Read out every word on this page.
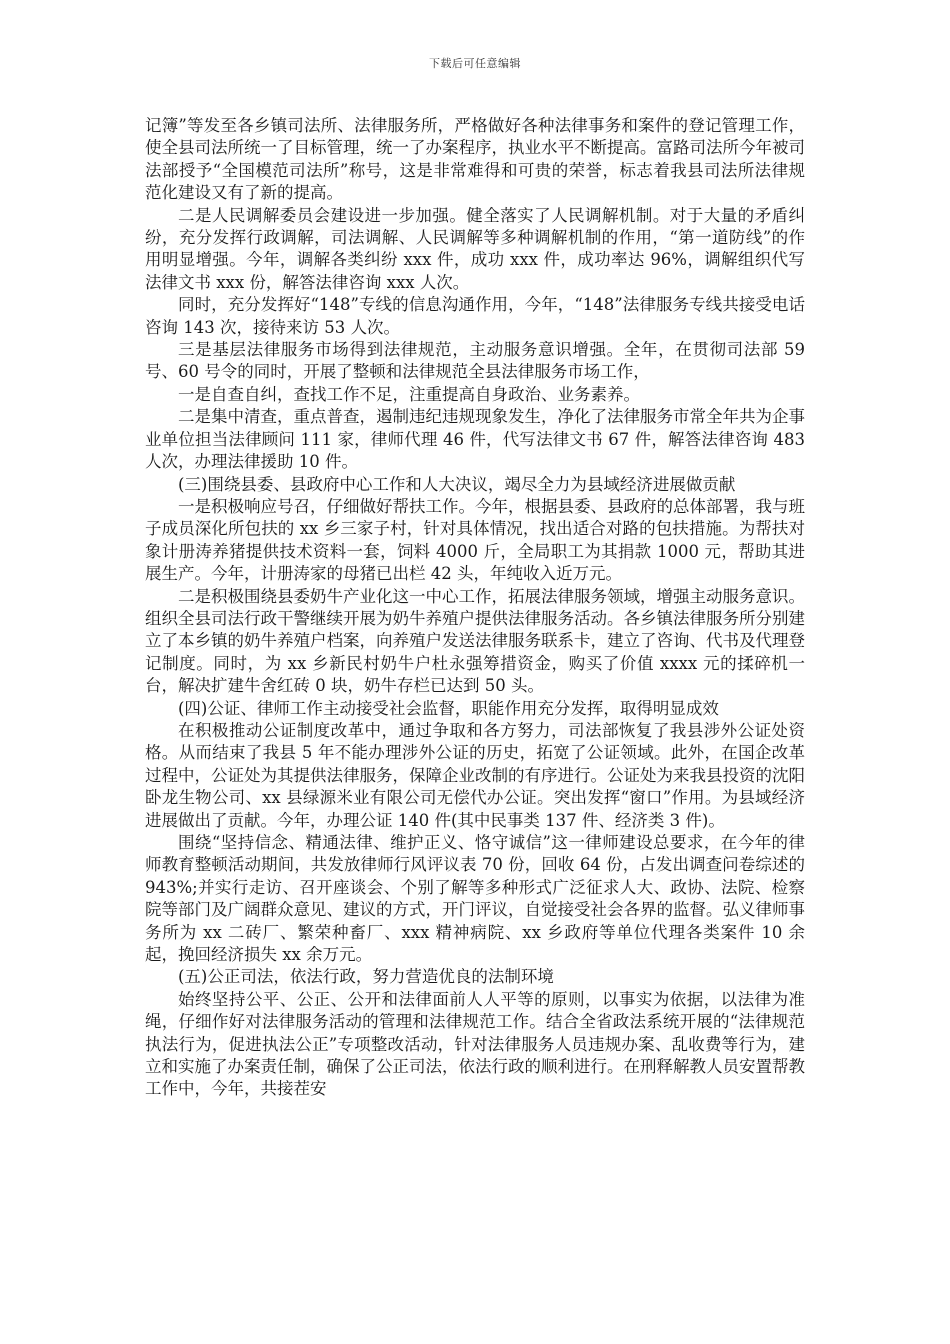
下载后可任意编辑

记簿”等发至各乡镇司法所、法律服务所，严格做好各种法律事务和案件的登记管理工作，使全县司法所统一了目标管理，统一了办案程序，执业水平不断提高。富路司法所今年被司法部授予“全国模范司法所”称号，这是非常难得和可贵的荣誉，标志着我县司法所法律规范化建设又有了新的提高。

二是人民调解委员会建设进一步加强。健全落实了人民调解机制。对于大量的矛盾纠纷，充分发挥行政调解，司法调解、人民调解等多种调解机制的作用，“第一道防线”的作用明显增强。今年，调解各类纠纷 xxx 件，成功 xxx 件，成功率达 96%，调解组织代写法律文书 xxx 份，解答法律咨询 xxx 人次。

同时，充分发挥好“148”专线的信息沟通作用，今年，“148”法律服务专线共接受电话咨询 143 次，接待来访 53 人次。

三是基层法律服务市场得到法律规范，主动服务意识增强。全年，在贯彻司法部 59 号、60 号令的同时，开展了整顿和法律规范全县法律服务市场工作，

一是自查自纠，查找工作不足，注重提高自身政治、业务素养。

二是集中清查，重点普查，遏制违纪违规现象发生，净化了法律服务市常全年共为企事业单位担当法律顾问 111 家，律师代理 46 件，代写法律文书 67 件，解答法律咨询 483 人次，办理法律援助 10 件。

(三)围绕县委、县政府中心工作和人大决议，竭尽全力为县域经济进展做贡献

一是积极响应号召，仔细做好帮扶工作。今年，根据县委、县政府的总体部署，我与班子成员深化所包扶的 xx 乡三家子村，针对具体情况，找出适合对路的包扶措施。为帮扶对象计册涛养猪提供技术资料一套，饲料 4000 斤，全局职工为其捐款 1000 元，帮助其进展生产。今年，计册涛家的母猪已出栏 42 头，年纯收入近万元。

二是积极围绕县委奶牛产业化这一中心工作，拓展法律服务领域，增强主动服务意识。组织全县司法行政干警继续开展为奶牛养殖户提供法律服务活动。各乡镇法律服务所分别建立了本乡镇的奶牛养殖户档案，向养殖户发送法律服务联系卡，建立了咨询、代书及代理登记制度。同时，为 xx 乡新民村奶牛户杜永强筹措资金，购买了价值 xxxx 元的揉碎机一台，解决扩建牛舍红砖 0 块，奶牛存栏已达到 50 头。

(四)公证、律师工作主动接受社会监督，职能作用充分发挥，取得明显成效

在积极推动公证制度改革中，通过争取和各方努力，司法部恢复了我县涉外公证处资格。从而结束了我县 5 年不能办理涉外公证的历史，拓宽了公证领域。此外，在国企改革过程中，公证处为其提供法律服务，保障企业改制的有序进行。公证处为来我县投资的沈阳卧龙生物公司、xx 县绿源米业有限公司无偿代办公证。突出发挥“窗口”作用。为县域经济进展做出了贡献。今年，办理公证 140 件(其中民事类 137 件、经济类 3 件)。

围绕“坚持信念、精通法律、维护正义、恪守诚信”这一律师建设总要求，在今年的律师教育整顿活动期间，共发放律师行风评议表 70 份，回收 64 份，占发出调查问卷综述的 943%;并实行走访、召开座谈会、个别了解等多种形式广泛征求人大、政协、法院、检察院等部门及广阔群众意见、建议的方式，开门评议，自觉接受社会各界的监督。弘义律师事务所为 xx 二砖厂、繁荣种畜厂、xxx 精神病院、xx 乡政府等单位代理各类案件 10 余起，挽回经济损失 xx 余万元。

(五)公正司法，依法行政，努力营造优良的法制环境

始终坚持公平、公正、公开和法律面前人人平等的原则，以事实为依据，以法律为准绳，仔细作好对法律服务活动的管理和法律规范工作。结合全省政法系统开展的“法律规范执法行为，促进执法公正”专项整改活动，针对法律服务人员违规办案、乱收费等行为，建立和实施了办案责任制，确保了公正司法，依法行政的顺利进行。在刑释解教人员安置帮教工作中，今年，共接茬安
